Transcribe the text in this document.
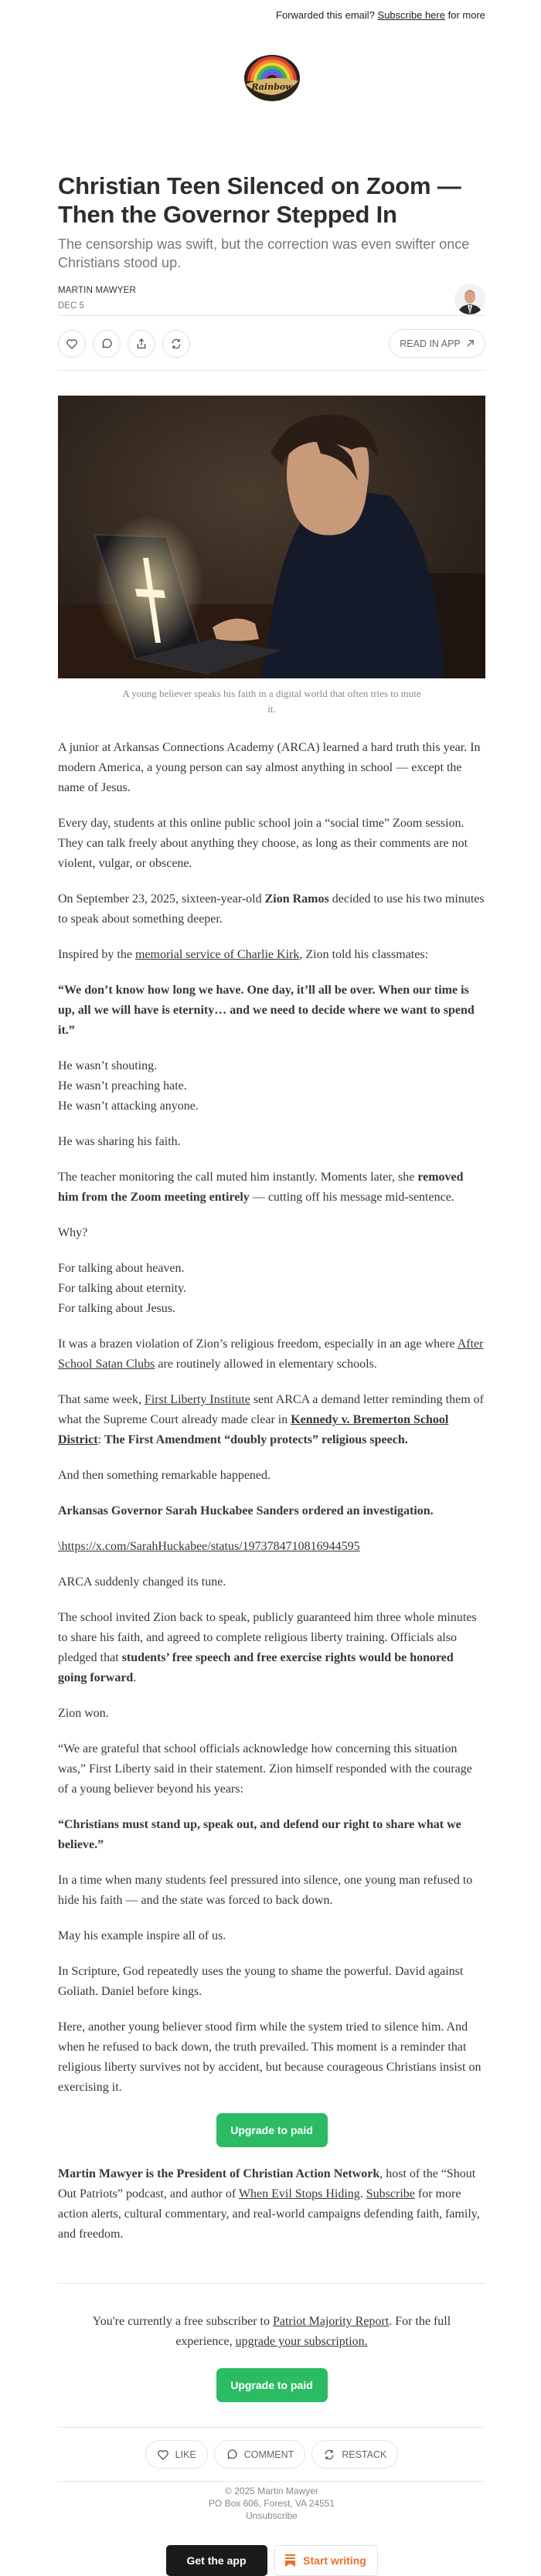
Forwarded this email? Subscribe here for more
Rainbow
Christian Teen Silenced on Zoom — Then the Governor Stepped In
The censorship was swift, but the correction was even swifter once Christians stood up.
MARTIN MAWYER
DEC 5
READ IN APP
A young believer speaks his faith in a digital world that often tries to mute it.

A junior at Arkansas Connections Academy (ARCA) learned a hard truth this year. In modern America, a young person can say almost anything in school — except the name of Jesus.

Every day, students at this online public school join a “social time” Zoom session. They can talk freely about anything they choose, as long as their comments are not violent, vulgar, or obscene.

On September 23, 2025, sixteen-year-old Zion Ramos decided to use his two minutes to speak about something deeper.

Inspired by the memorial service of Charlie Kirk, Zion told his classmates:

“We don’t know how long we have. One day, it’ll all be over. When our time is up, all we will have is eternity… and we need to decide where we want to spend it.”

He wasn’t shouting.
He wasn’t preaching hate.
He wasn’t attacking anyone.

He was sharing his faith.

The teacher monitoring the call muted him instantly. Moments later, she removed him from the Zoom meeting entirely — cutting off his message mid-sentence.

Why?

For talking about heaven.
For talking about eternity.
For talking about Jesus.

It was a brazen violation of Zion’s religious freedom, especially in an age where After School Satan Clubs are routinely allowed in elementary schools.

That same week, First Liberty Institute sent ARCA a demand letter reminding them of what the Supreme Court already made clear in Kennedy v. Bremerton School District: The First Amendment “doubly protects” religious speech.

And then something remarkable happened.

Arkansas Governor Sarah Huckabee Sanders ordered an investigation.

\https://x.com/SarahHuckabee/status/1973784710816944595

ARCA suddenly changed its tune.

The school invited Zion back to speak, publicly guaranteed him three whole minutes to share his faith, and agreed to complete religious liberty training. Officials also pledged that students’ free speech and free exercise rights would be honored going forward.

Zion won.

“We are grateful that school officials acknowledge how concerning this situation was,” First Liberty said in their statement. Zion himself responded with the courage of a young believer beyond his years:

“Christians must stand up, speak out, and defend our right to share what we believe.”

In a time when many students feel pressured into silence, one young man refused to hide his faith — and the state was forced to back down.

May his example inspire all of us.

In Scripture, God repeatedly uses the young to shame the powerful. David against Goliath. Daniel before kings.

Here, another young believer stood firm while the system tried to silence him. And when he refused to back down, the truth prevailed. This moment is a reminder that religious liberty survives not by accident, but because courageous Christians insist on exercising it.

Upgrade to paid

Martin Mawyer is the President of Christian Action Network, host of the “Shout Out Patriots” podcast, and author of When Evil Stops Hiding. Subscribe for more action alerts, cultural commentary, and real-world campaigns defending faith, family, and freedom.

You're currently a free subscriber to Patriot Majority Report. For the full experience, upgrade your subscription.

Upgrade to paid
LIKE	COMMENT	RESTACK
© 2025 Martin Mawyer
PO Box 606, Forest, VA 24551
Unsubscribe
Get the app	Start writing
